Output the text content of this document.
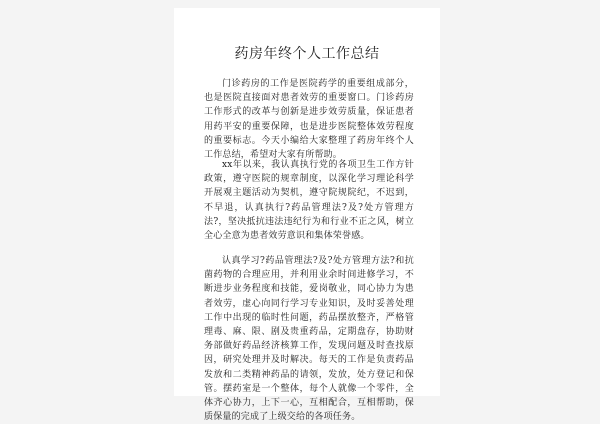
药房年终个人工作总结
门诊药房的工作是医院药学的重要组成部分，也是医院直接面对患者效劳的重要窗口。门诊药房工作形式的改革与创新是进步效劳质量，保证患者用药平安的重要保障，也是进步医院整体效劳程度的重要标志。今天小编给大家整理了药房年终个人工作总结，希望对大家有所帮助。
xx年以来，我认真执行党的各项卫生工作方针政策，遵守医院的规章制度，以深化学习理论科学开展观主题活动为契机，遵守院规院纪，不迟到，不早退，认真执行?药品管理法?及?处方管理方法?，坚决抵抗违法违纪行为和行业不正之风，树立全心全意为患者效劳意识和集体荣誉感。
认真学习?药品管理法?及?处方管理方法?和抗菌药物的合理应用，并利用业余时间进修学习，不断进步业务程度和技能，爱岗敬业，同心协力为患者效劳，虚心向同行学习专业知识，及时妥善处理工作中出现的临时性问题，药品摆放整齐，严格管理毒、麻、限、剧及贵重药品，定期盘存，协助财务部做好药品经济核算工作，发现问题及时查找原因，研究处理并及时解决。每天的工作是负责药品发放和二类精神药品的请领，发放，处方登记和保管。摆药室是一个整体，每个人就像一个零件，全体齐心协力，上下一心，互相配合，互相帮助，保质保量的完成了上级交给的各项任务。
